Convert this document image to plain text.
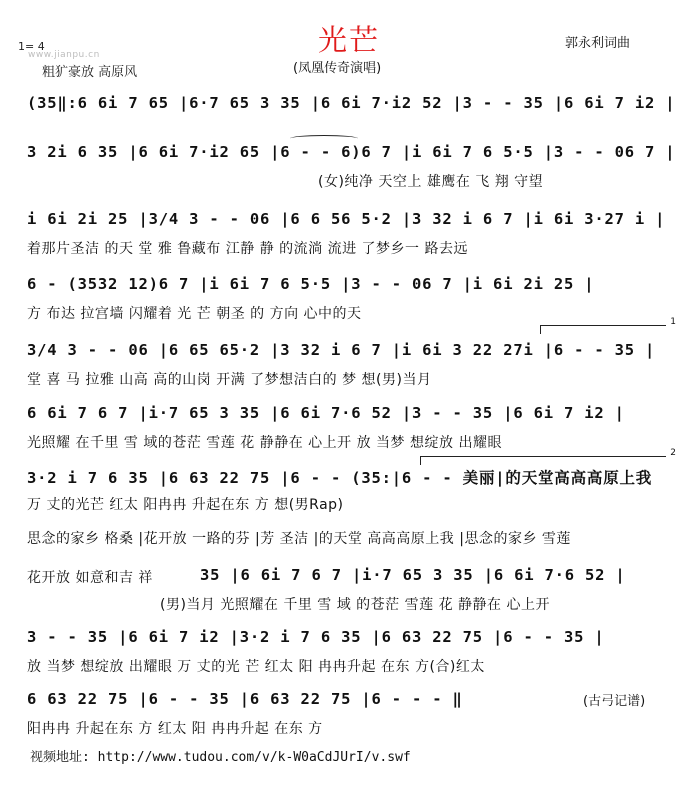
光芒
(凤凰传奇演唱)
郭永利词曲
1= 4
www.jianpu.cn
粗犷豪放 高原风
(35‖:6 6i 7 65 |6·7 65 3 35 |6 6i 7·i2 52 |3 - - 35 |6 6i 7 i2 |
3 2i 6 35 |6 6i 7·i2 65 |6 - - 6)6 7 |i 6i 7 6 5·5 |3 - - 06 7 |
(女)纯净 天空上 雄鹰在 飞 翔 守望
i 6i 2i 25 |3/4 3 - - 06 |6 6 56 5·2 |3 32 i 6 7 |i 6i 3·27 i |
着那片圣洁 的天 堂 雅 鲁藏布 江静 静 的流淌 流进 了梦乡一 路去远
6 - (3532 12)6 7 |i 6i 7 6 5·5 |3 - - 06 7 |i 6i 2i 25 |
方 布达 拉宫墙 闪耀着 光 芒 朝圣 的 方向 心中的天	1
3/4 3 - - 06 |6 65 65·2 |3 32 i 6 7 |i 6i 3 22 27i |6 - - 35 |
堂 喜 马 拉雅 山高 高的山岗 开满 了梦想洁白的 梦 想(男)当月
6 6i 7 6 7 |i·7 65 3 35 |6 6i 7·6 52 |3 - - 35 |6 6i 7 i2 |
光照耀 在千里 雪 域的苍茫 雪莲 花 静静在 心上开 放 当梦 想绽放 出耀眼
2
3·2 i 7 6 35 |6 63 22 75 |6 - - (35:|6 - - 美丽|的天堂高高高原上我
万 丈的光芒 红太 阳冉冉 升起在东 方 想(男Rap)
思念的家乡 格桑 |花开放 一路的芬 |芳 圣洁 |的天堂 高高高原上我 |思念的家乡 雪莲
花开放 如意和吉 祥	35 |6 6i 7 6 7 |i·7 65 3 35 |6 6i 7·6 52 |
(男)当月 光照耀在 千里 雪 域 的苍茫 雪莲 花 静静在 心上开
3 - - 35 |6 6i 7 i2 |3·2 i 7 6 35 |6 63 22 75 |6 - - 35 |
放 当梦 想绽放 出耀眼 万 丈的光 芒 红太 阳 冉冉升起 在东 方(合)红太
6 63 22 75 |6 - - 35 |6 63 22 75 |6 - - - ‖
阳冉冉 升起在东 方 红太 阳 冉冉升起 在东 方
(古弓记谱)
视频地址: http://www.tudou.com/v/k-W0aCdJUrI/v.swf
